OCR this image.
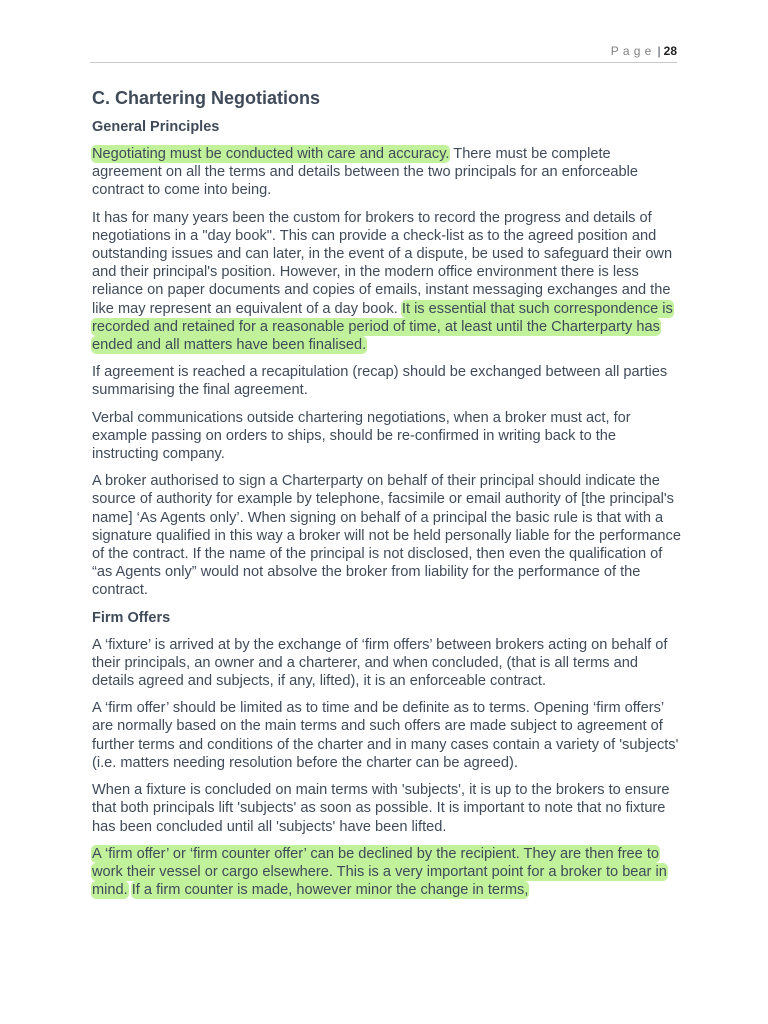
Page | 28
C. Chartering Negotiations
General Principles

Negotiating must be conducted with care and accuracy. There must be complete agreement on all the terms and details between the two principals for an enforceable contract to come into being.

It has for many years been the custom for brokers to record the progress and details of negotiations in a "day book". This can provide a check-list as to the agreed position and outstanding issues and can later, in the event of a dispute, be used to safeguard their own and their principal's position. However, in the modern office environment there is less reliance on paper documents and copies of emails, instant messaging exchanges and the like may represent an equivalent of a day book. It is essential that such correspondence is recorded and retained for a reasonable period of time, at least until the Charterparty has ended and all matters have been finalised.

If agreement is reached a recapitulation (recap) should be exchanged between all parties summarising the final agreement.

Verbal communications outside chartering negotiations, when a broker must act, for example passing on orders to ships, should be re-confirmed in writing back to the instructing company.

A broker authorised to sign a Charterparty on behalf of their principal should indicate the source of authority for example by telephone, facsimile or email authority of [the principal's name] ‘As Agents only’. When signing on behalf of a principal the basic rule is that with a signature qualified in this way a broker will not be held personally liable for the performance of the contract. If the name of the principal is not disclosed, then even the qualification of “as Agents only” would not absolve the broker from liability for the performance of the contract.

Firm Offers

A ‘fixture’ is arrived at by the exchange of ‘firm offers’ between brokers acting on behalf of their principals, an owner and a charterer, and when concluded, (that is all terms and details agreed and subjects, if any, lifted), it is an enforceable contract.

A ‘firm offer’ should be limited as to time and be definite as to terms. Opening ‘firm offers’ are normally based on the main terms and such offers are made subject to agreement of further terms and conditions of the charter and in many cases contain a variety of 'subjects' (i.e. matters needing resolution before the charter can be agreed).

When a fixture is concluded on main terms with 'subjects', it is up to the brokers to ensure that both principals lift 'subjects' as soon as possible. It is important to note that no fixture has been concluded until all 'subjects' have been lifted.

A ‘firm offer’ or ‘firm counter offer’ can be declined by the recipient. They are then free to work their vessel or cargo elsewhere. This is a very important point for a broker to bear in mind. If a firm counter is made, however minor the change in terms,
